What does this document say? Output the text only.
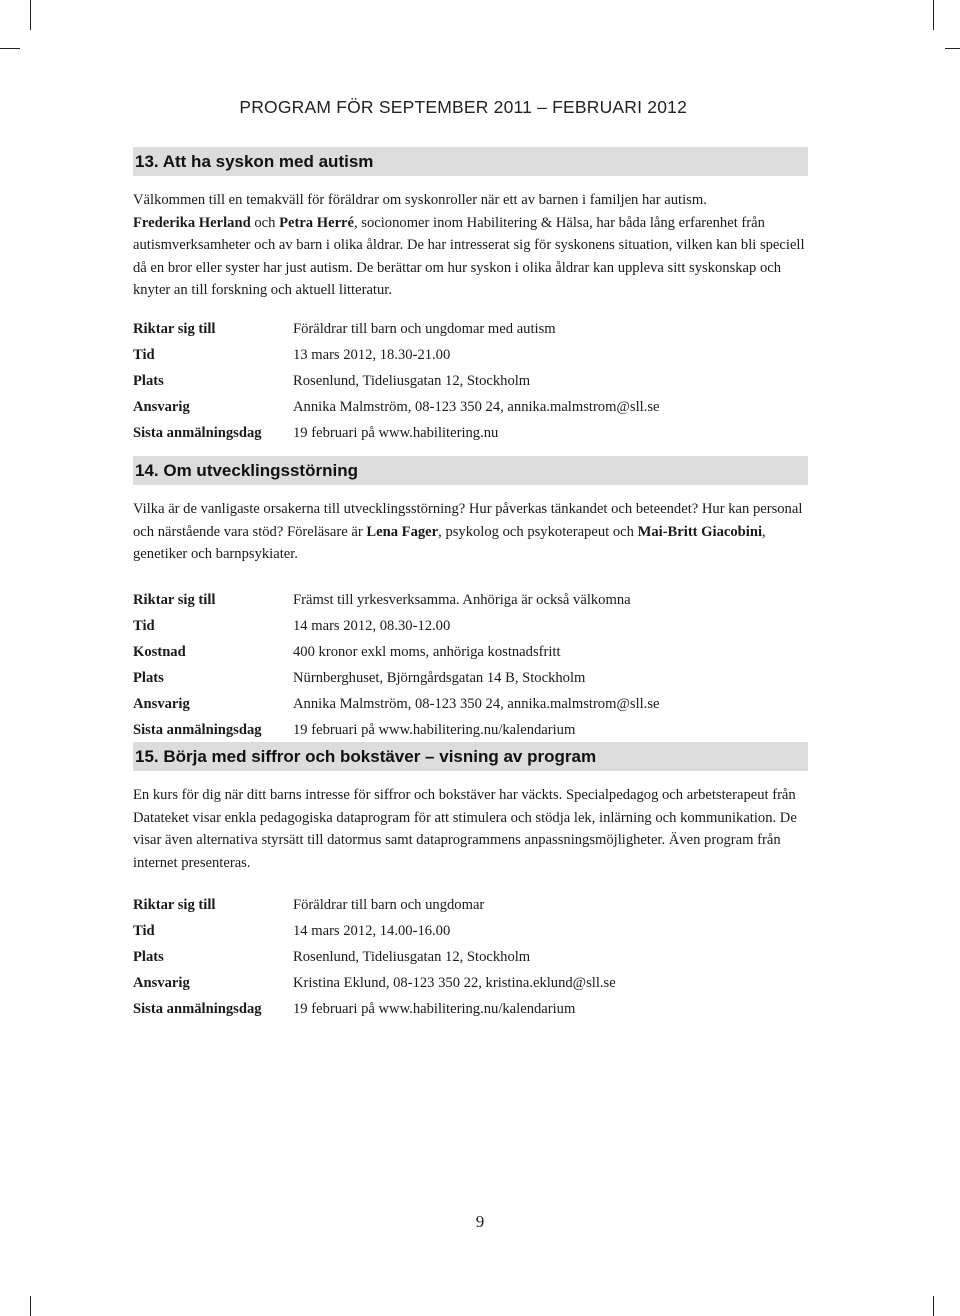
PROGRAM FÖR SEPTEMBER 2011 – FEBRUARI 2012
13. Att ha syskon med autism
Välkommen till en temakväll för föräldrar om syskonroller när ett av barnen i familjen har autism.
Frederika Herland och Petra Herré, socionomer inom Habilitering & Hälsa, har båda lång erfarenhet från autismverksamheter och av barn i olika åldrar. De har intresserat sig för syskonens situation, vilken kan bli speciell då en bror eller syster har just autism. De berättar om hur syskon i olika åldrar kan uppleva sitt syskonskap och knyter an till forskning och aktuell litteratur.
Riktar sig till	Föräldrar till barn och ungdomar med autism
Tid	13 mars 2012, 18.30-21.00
Plats	Rosenlund, Tideliusgatan 12, Stockholm
Ansvarig	Annika Malmström, 08-123 350 24, annika.malmstrom@sll.se
Sista anmälningsdag	19 februari på www.habilitering.nu
14. Om utvecklingsstörning
Vilka är de vanligaste orsakerna till utvecklingsstörning? Hur påverkas tänkandet och beteendet? Hur kan personal och närstående vara stöd? Föreläsare är Lena Fager, psykolog och psykoterapeut och Mai-Britt Giacobini, genetiker och barnpsykiater.
Riktar sig till	Främst till yrkesverksamma. Anhöriga är också välkomna
Tid	14 mars 2012, 08.30-12.00
Kostnad	400 kronor exkl moms, anhöriga kostnadsfritt
Plats	Nürnberghuset, Björngårdsgatan 14 B, Stockholm
Ansvarig	Annika Malmström, 08-123 350 24, annika.malmstrom@sll.se
Sista anmälningsdag	19 februari på www.habilitering.nu/kalendarium
15. Börja med siffror och bokstäver – visning av program
En kurs för dig när ditt barns intresse för siffror och bokstäver har väckts. Specialpedagog och arbetsterapeut från Datateket visar enkla pedagogiska dataprogram för att stimulera och stödja lek, inlärning och kommunikation. De visar även alternativa styrsätt till datormus samt dataprogrammens anpassningsmöjligheter. Även program från internet presenteras.
Riktar sig till	Föräldrar till barn och ungdomar
Tid	14 mars 2012, 14.00-16.00
Plats	Rosenlund, Tideliusgatan 12, Stockholm
Ansvarig	Kristina Eklund, 08-123 350 22, kristina.eklund@sll.se
Sista anmälningsdag	19 februari på www.habilitering.nu/kalendarium
9
